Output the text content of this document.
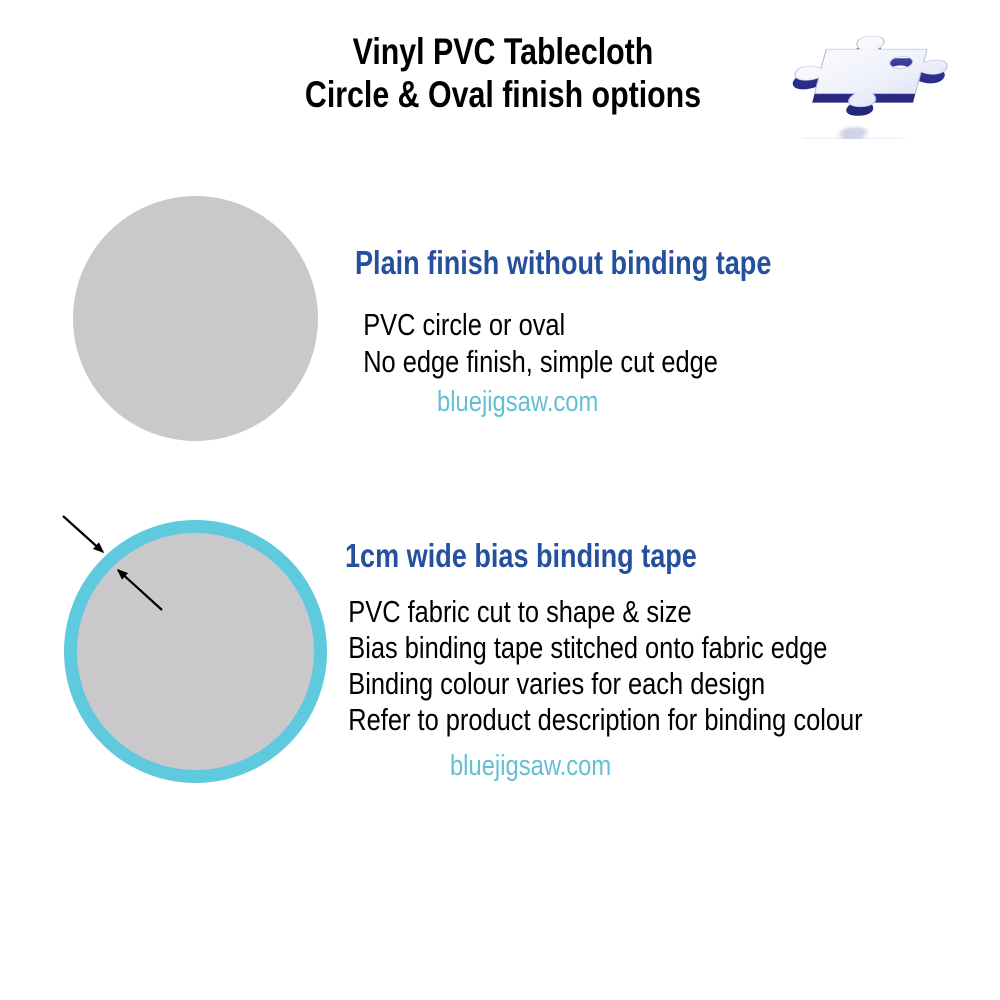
Vinyl PVC Tablecloth
Circle & Oval finish options
Plain finish without binding tape
PVC circle or oval
No edge finish, simple cut edge
bluejigsaw.com
1cm wide bias binding tape
PVC fabric cut to shape & size
Bias binding tape stitched onto fabric edge
Binding colour varies for each design
Refer to product description for binding colour
bluejigsaw.com
